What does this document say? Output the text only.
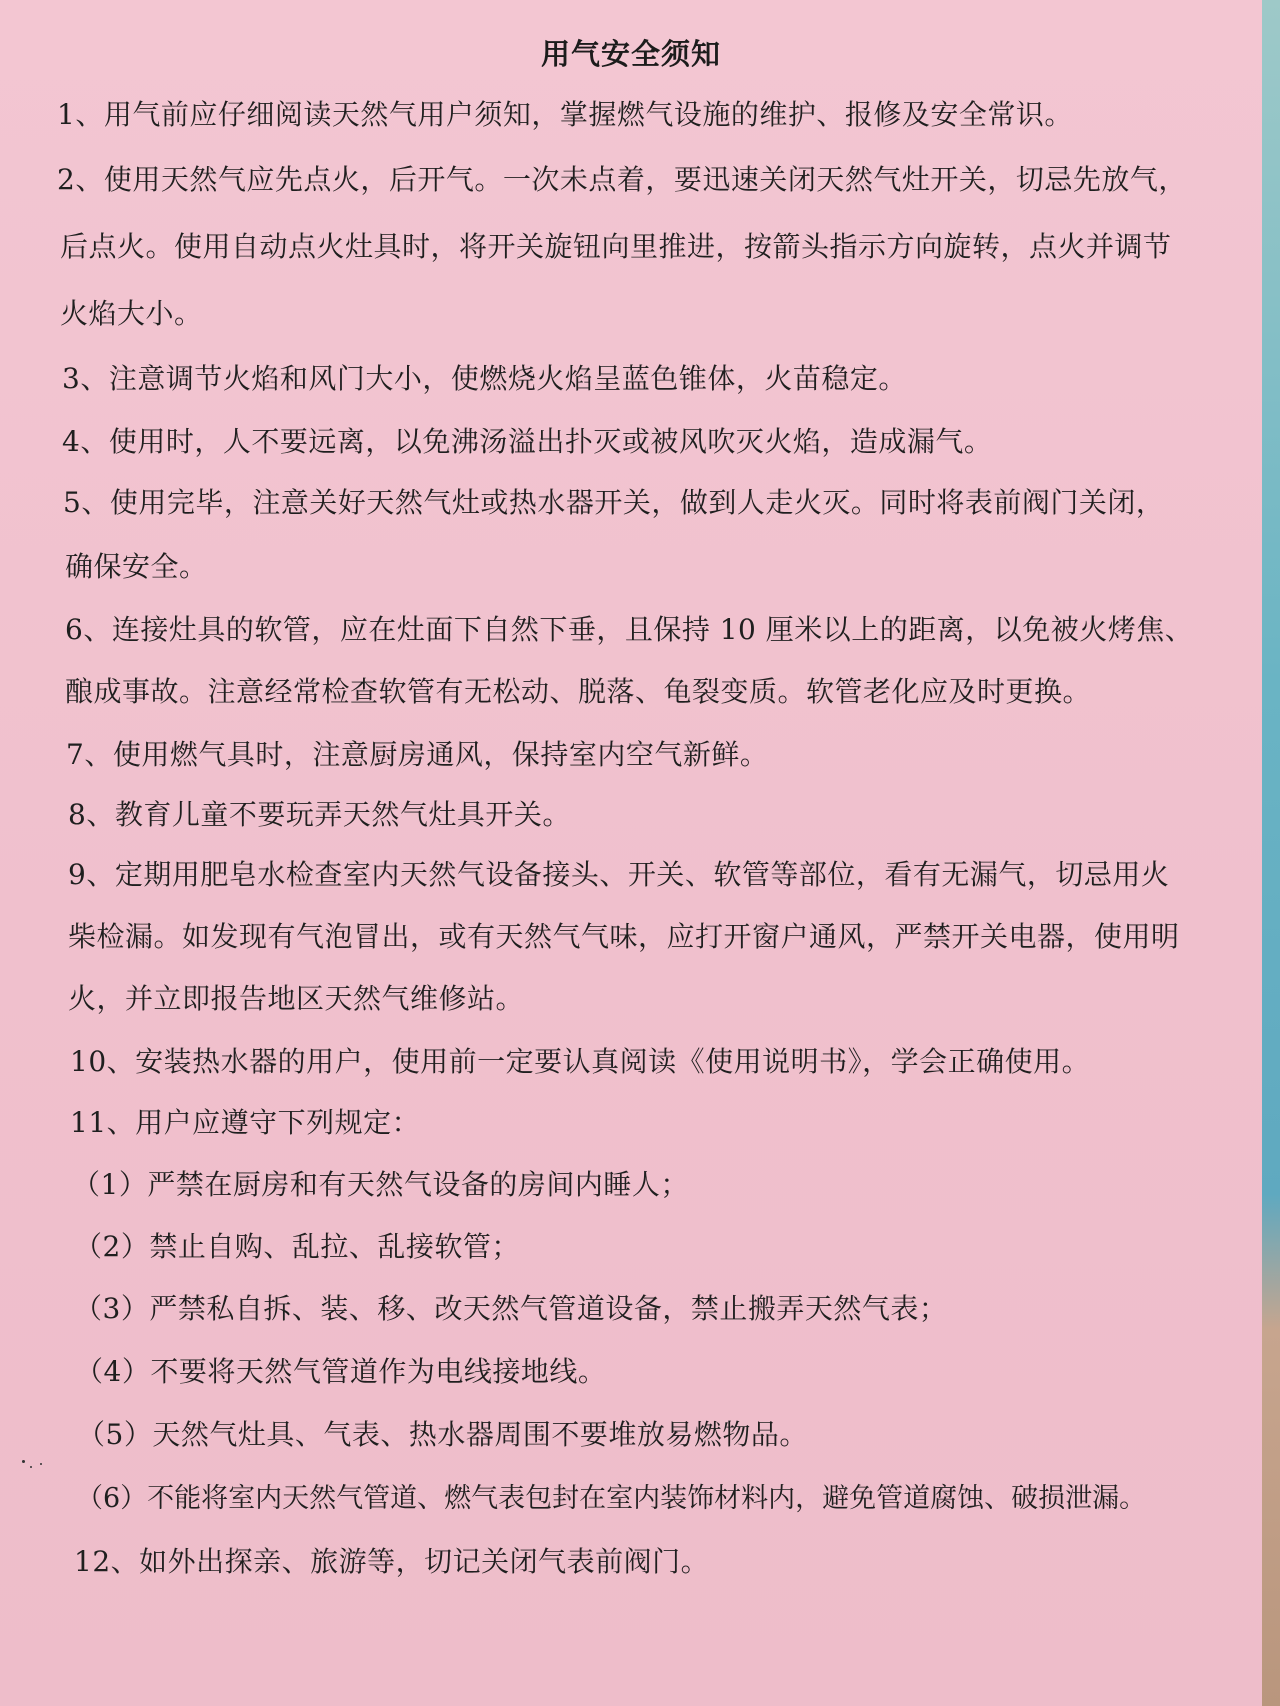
用气安全须知
1、用气前应仔细阅读天然气用户须知，掌握燃气设施的维护、报修及安全常识。
2、使用天然气应先点火，后开气。一次未点着，要迅速关闭天然气灶开关，切忌先放气，
后点火。使用自动点火灶具时，将开关旋钮向里推进，按箭头指示方向旋转，点火并调节
火焰大小。
3、注意调节火焰和风门大小，使燃烧火焰呈蓝色锥体，火苗稳定。
4、使用时，人不要远离，以免沸汤溢出扑灭或被风吹灭火焰，造成漏气。
5、使用完毕，注意关好天然气灶或热水器开关，做到人走火灭。同时将表前阀门关闭，
确保安全。
6、连接灶具的软管，应在灶面下自然下垂，且保持 10 厘米以上的距离，以免被火烤焦、
酿成事故。注意经常检查软管有无松动、脱落、龟裂变质。软管老化应及时更换。
7、使用燃气具时，注意厨房通风，保持室内空气新鲜。
8、教育儿童不要玩弄天然气灶具开关。
9、定期用肥皂水检查室内天然气设备接头、开关、软管等部位，看有无漏气，切忌用火
柴检漏。如发现有气泡冒出，或有天然气气味，应打开窗户通风，严禁开关电器，使用明
火，并立即报告地区天然气维修站。
10、安装热水器的用户，使用前一定要认真阅读《使用说明书》，学会正确使用。
11、用户应遵守下列规定：
（1）严禁在厨房和有天然气设备的房间内睡人；
（2）禁止自购、乱拉、乱接软管；
（3）严禁私自拆、装、移、改天然气管道设备，禁止搬弄天然气表；
（4）不要将天然气管道作为电线接地线。
（5）天然气灶具、气表、热水器周围不要堆放易燃物品。
（6）不能将室内天然气管道、燃气表包封在室内装饰材料内，避免管道腐蚀、破损泄漏。
12、如外出探亲、旅游等，切记关闭气表前阀门。
